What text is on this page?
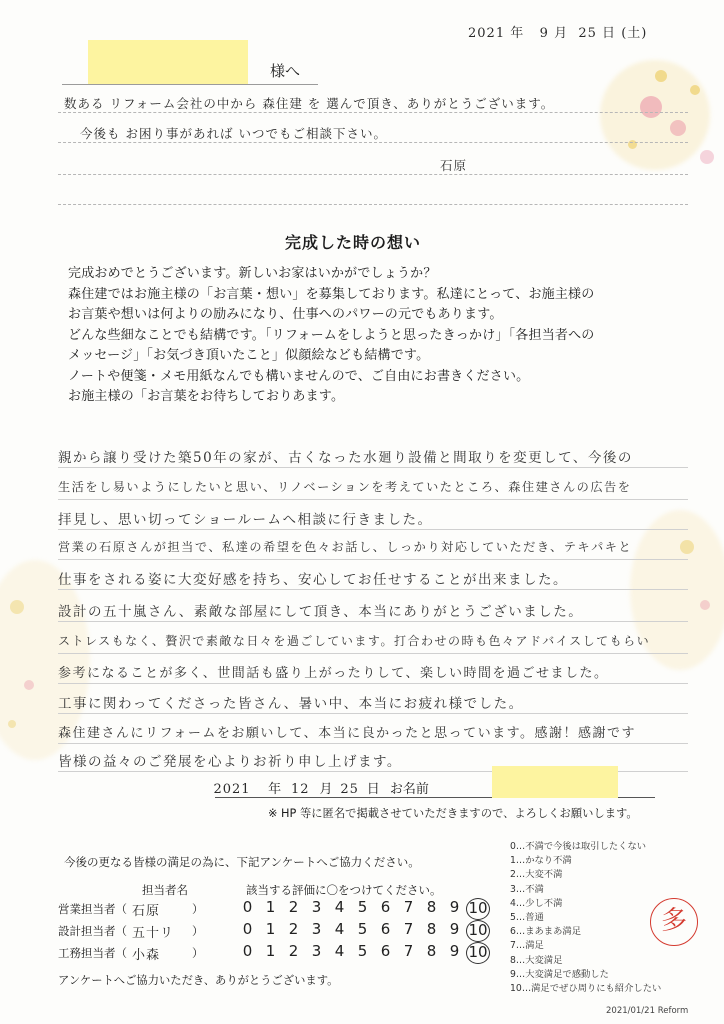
2021 年 9 月 25 日 (土)
様へ
数ある リフォーム会社の中から 森住建 を 選んで頂き、ありがとうございます。
今後も お困り事があれば いつでもご相談下さい。
石原
完成した時の想い

完成おめでとうございます。新しいお家はいかがでしょうか？

森住建ではお施主様の「お言葉・想い」を募集しております。私達にとって、お施主様の

お言葉や想いは何よりの励みになり、仕事へのパワーの元でもあります。

どんな些細なことでも結構です。「リフォームをしようと思ったきっかけ」「各担当者への

メッセージ」「お気づき頂いたこと」似顔絵なども結構です。

ノートや便箋・メモ用紙なんでも構いませんので、ご自由にお書きください。

お施主様の「お言葉をお待ちしておりあます。

親から譲り受けた築50年の家が、古くなった水廻り設備と間取りを変更して、今後の
生活をし易いようにしたいと思い、リノベーションを考えていたところ、森住建さんの広告を
拝見し、思い切ってショールームへ相談に行きました。
営業の石原さんが担当で、私達の希望を色々お話し、しっかり対応していただき、テキパキと
仕事をされる姿に大変好感を持ち、安心してお任せすることが出来ました。
設計の五十嵐さん、素敵な部屋にして頂き、本当にありがとうございました。
ストレスもなく、贅沢で素敵な日々を過ごしています。打合わせの時も色々アドバイスしてもらい
参考になることが多く、世間話も盛り上がったりして、楽しい時間を過ごせました。
工事に関わってくださった皆さん、暑い中、本当にお疲れ様でした。
森住建さんにリフォームをお願いして、本当に良かったと思っています。感謝！感謝です
皆様の益々のご発展を心よりお祈り申し上げます。
2021 年 12 月 25 日 お名前
※ HP 等に匿名で掲載させていただきますので、よろしくお願いします。
今後の更なる皆様の満足の為に、下記アンケートへご協力ください。
担当者名	該当する評価に〇をつけてください。
営業担当者（ 石原	）	0 1 2 3 4 5 6 7 8 9 10
設計担当者（ 五十リ	）	0 1 2 3 4 5 6 7 8 9 10
工務担当者（ 小森	）	0 1 2 3 4 5 6 7 8 9 10
アンケートへご協力いただき、ありがとうございます。
0…不満で今後は取引したくない
1…かなり不満
2…大変不満
3…不満
4…少し不満
5…普通
6…まあまあ満足
7…満足
8…大変満足
9…大変満足で感動した
10…満足でぜひ周りにも紹介したい
多
2021/01/21 Reform
